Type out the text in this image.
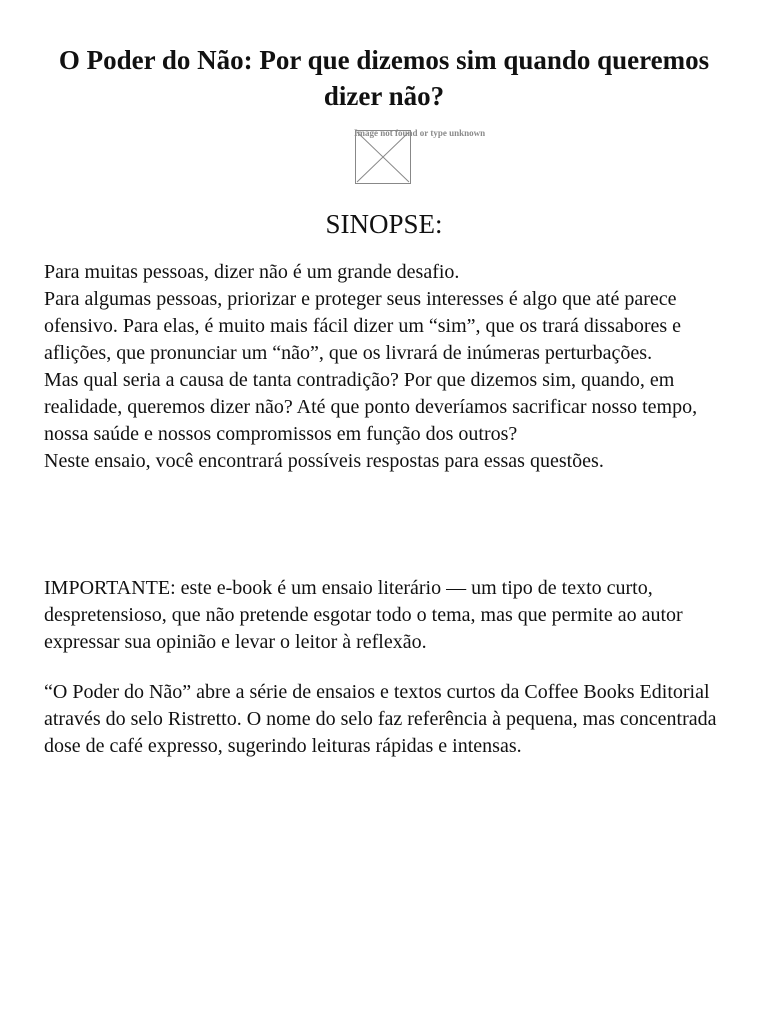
O Poder do Não: Por que dizemos sim quando queremos dizer não?
Image not found or type unknown
SINOPSE:
Para muitas pessoas, dizer não é um grande desafio.
Para algumas pessoas, priorizar e proteger seus interesses é algo que até parece ofensivo. Para elas, é muito mais fácil dizer um “sim”, que os trará dissabores e aflições, que pronunciar um “não”, que os livrará de inúmeras perturbações.
Mas qual seria a causa de tanta contradição? Por que dizemos sim, quando, em realidade, queremos dizer não? Até que ponto deveríamos sacrificar nosso tempo, nossa saúde e nossos compromissos em função dos outros?
Neste ensaio, você encontrará possíveis respostas para essas questões.

IMPORTANTE: este e-book é um ensaio literário — um tipo de texto curto, despretensioso, que não pretende esgotar todo o tema, mas que permite ao autor expressar sua opinião e levar o leitor à reflexão.

“O Poder do Não” abre a série de ensaios e textos curtos da Coffee Books Editorial através do selo Ristretto. O nome do selo faz referência à pequena, mas concentrada dose de café expresso, sugerindo leituras rápidas e intensas.
